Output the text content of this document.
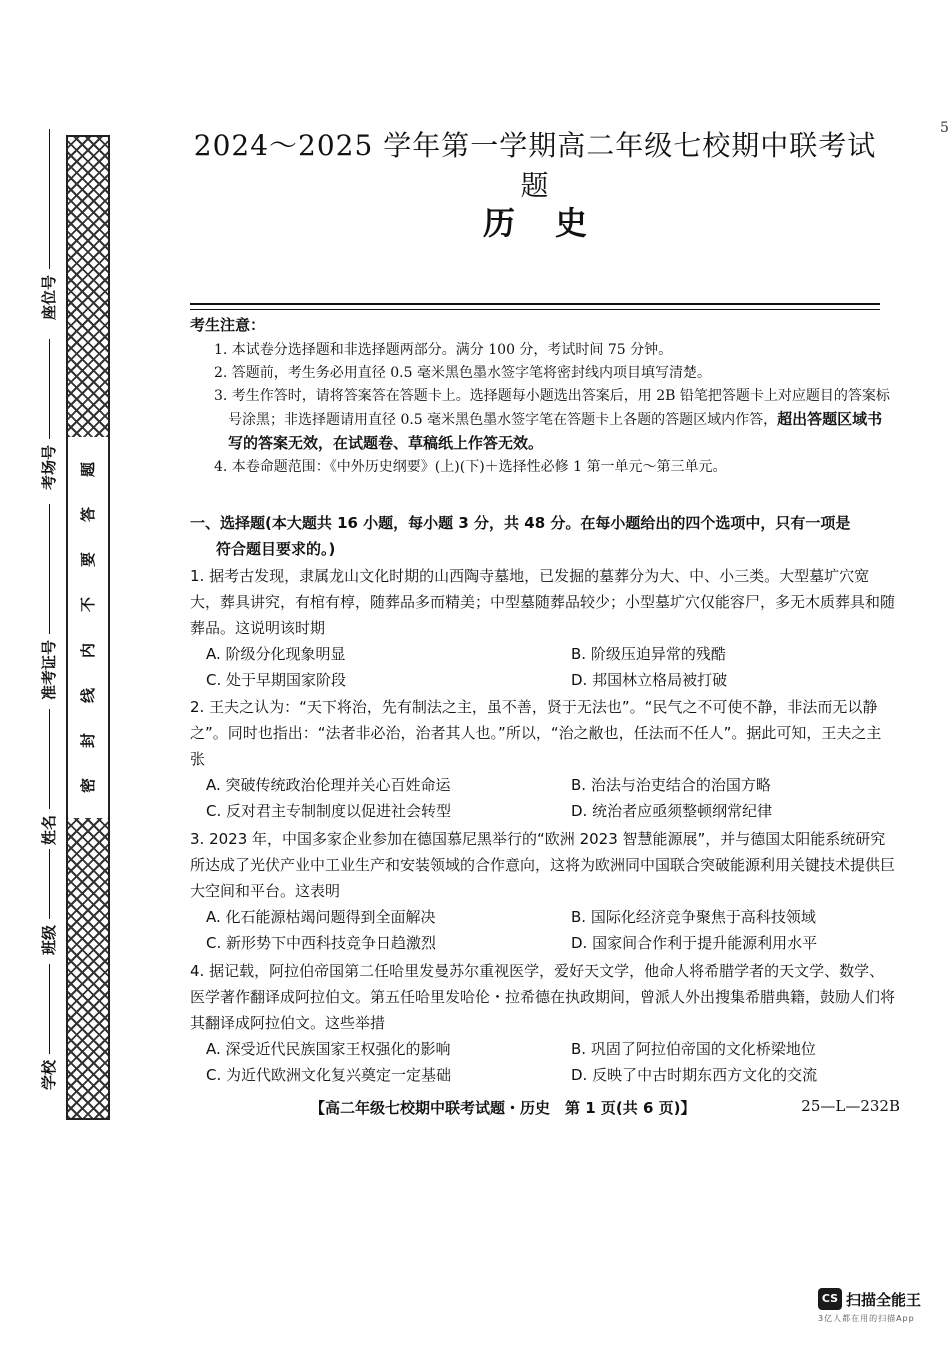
5
题
答
要
不
内
线
封
密
座位号
考场号
准考证号
姓名
班级
学校
2024～2025 学年第一学期高二年级七校期中联考试题
历史
考生注意：

1. 本试卷分选择题和非选择题两部分。满分 100 分，考试时间 75 分钟。

2. 答题前，考生务必用直径 0.5 毫米黑色墨水签字笔将密封线内项目填写清楚。

3. 考生作答时，请将答案答在答题卡上。选择题每小题选出答案后，用 2B 铅笔把答题卡上对应题目的答案标号涂黑；非选择题请用直径 0.5 毫米黑色墨水签字笔在答题卡上各题的答题区域内作答，超出答题区域书写的答案无效，在试题卷、草稿纸上作答无效。

4. 本卷命题范围：《中外历史纲要》(上)(下)＋选择性必修 1 第一单元～第三单元。

一、选择题(本大题共 16 小题，每小题 3 分，共 48 分。在每小题给出的四个选项中，只有一项是
符合题目要求的。)

1. 据考古发现，隶属龙山文化时期的山西陶寺墓地，已发掘的墓葬分为大、中、小三类。大型墓圹穴宽大，葬具讲究，有棺有椁，随葬品多而精美；中型墓随葬品较少；小型墓圹穴仅能容尸，多无木质葬具和随葬品。这说明该时期

A. 阶级分化现象明显	B. 阶级压迫异常的残酷
C. 处于早期国家阶段	D. 邦国林立格局被打破

2. 王夫之认为：“天下将治，先有制法之主，虽不善，贤于无法也”。“民气之不可使不静，非法而无以静之”。同时也指出：“法者非必治，治者其人也。”所以，“治之敝也，任法而不任人”。据此可知，王夫之主张

A. 突破传统政治伦理并关心百姓命运	B. 治法与治吏结合的治国方略
C. 反对君主专制制度以促进社会转型	D. 统治者应亟须整顿纲常纪律

3. 2023 年，中国多家企业参加在德国慕尼黑举行的“欧洲 2023 智慧能源展”，并与德国太阳能系统研究所达成了光伏产业中工业生产和安装领域的合作意向，这将为欧洲同中国联合突破能源利用关键技术提供巨大空间和平台。这表明

A. 化石能源枯竭问题得到全面解决	B. 国际化经济竞争聚焦于高科技领域
C. 新形势下中西科技竞争日趋激烈	D. 国家间合作利于提升能源利用水平

4. 据记载，阿拉伯帝国第二任哈里发曼苏尔重视医学，爱好天文学，他命人将希腊学者的天文学、数学、医学著作翻译成阿拉伯文。第五任哈里发哈伦・拉希德在执政期间，曾派人外出搜集希腊典籍，鼓励人们将其翻译成阿拉伯文。这些举措

A. 深受近代民族国家王权强化的影响	B. 巩固了阿拉伯帝国的文化桥梁地位
C. 为近代欧洲文化复兴奠定一定基础	D. 反映了中古时期东西方文化的交流
【高二年级七校期中联考试题・历史　第 1 页(共 6 页)】	25—L—232B
CS 扫描全能王
3亿人都在用的扫描App
